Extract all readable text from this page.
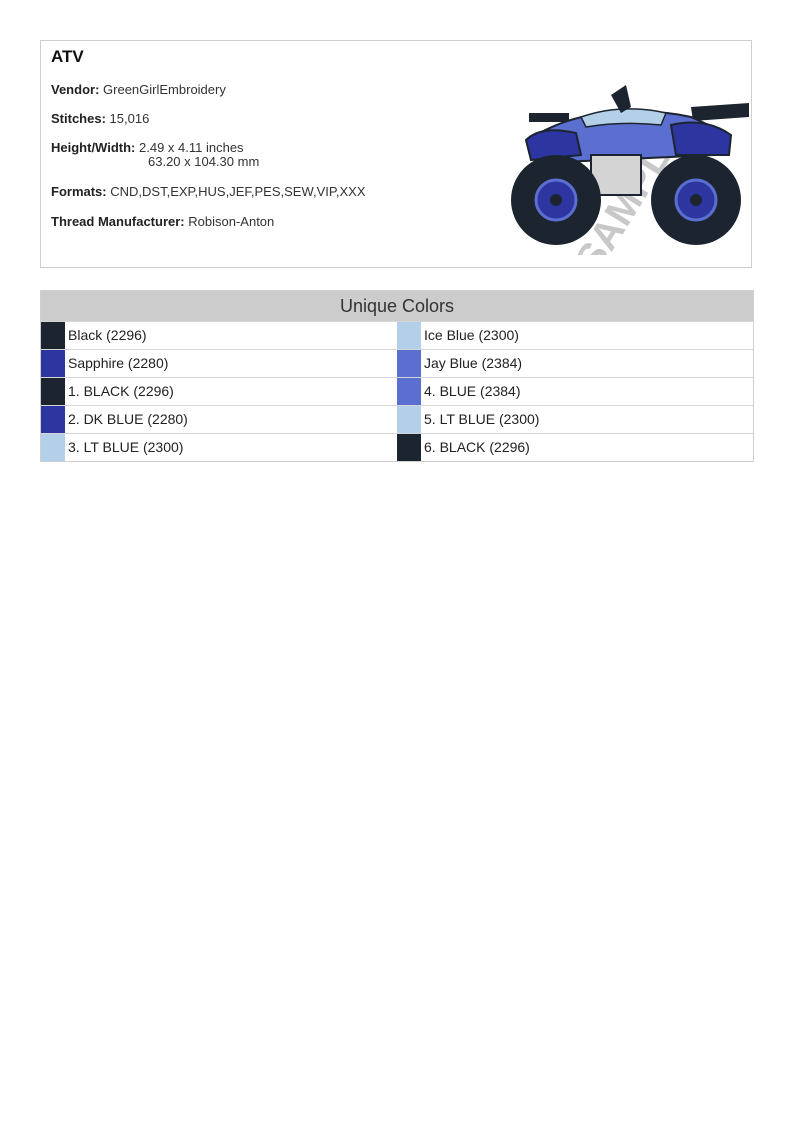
ATV
Vendor: GreenGirlEmbroidery
Stitches: 15,016
Height/Width: 2.49 x 4.11 inches
63.20 x 104.30 mm
Formats: CND,DST,EXP,HUS,JEF,PES,SEW,VIP,XXX
Thread Manufacturer: Robison-Anton
Unique Colors
Black (2296)
Sapphire (2280)
1. BLACK (2296)
2. DK BLUE (2280)
3. LT BLUE (2300)
Ice Blue (2300)
Jay Blue (2384)
4. BLUE (2384)
5. LT BLUE (2300)
6. BLACK (2296)
